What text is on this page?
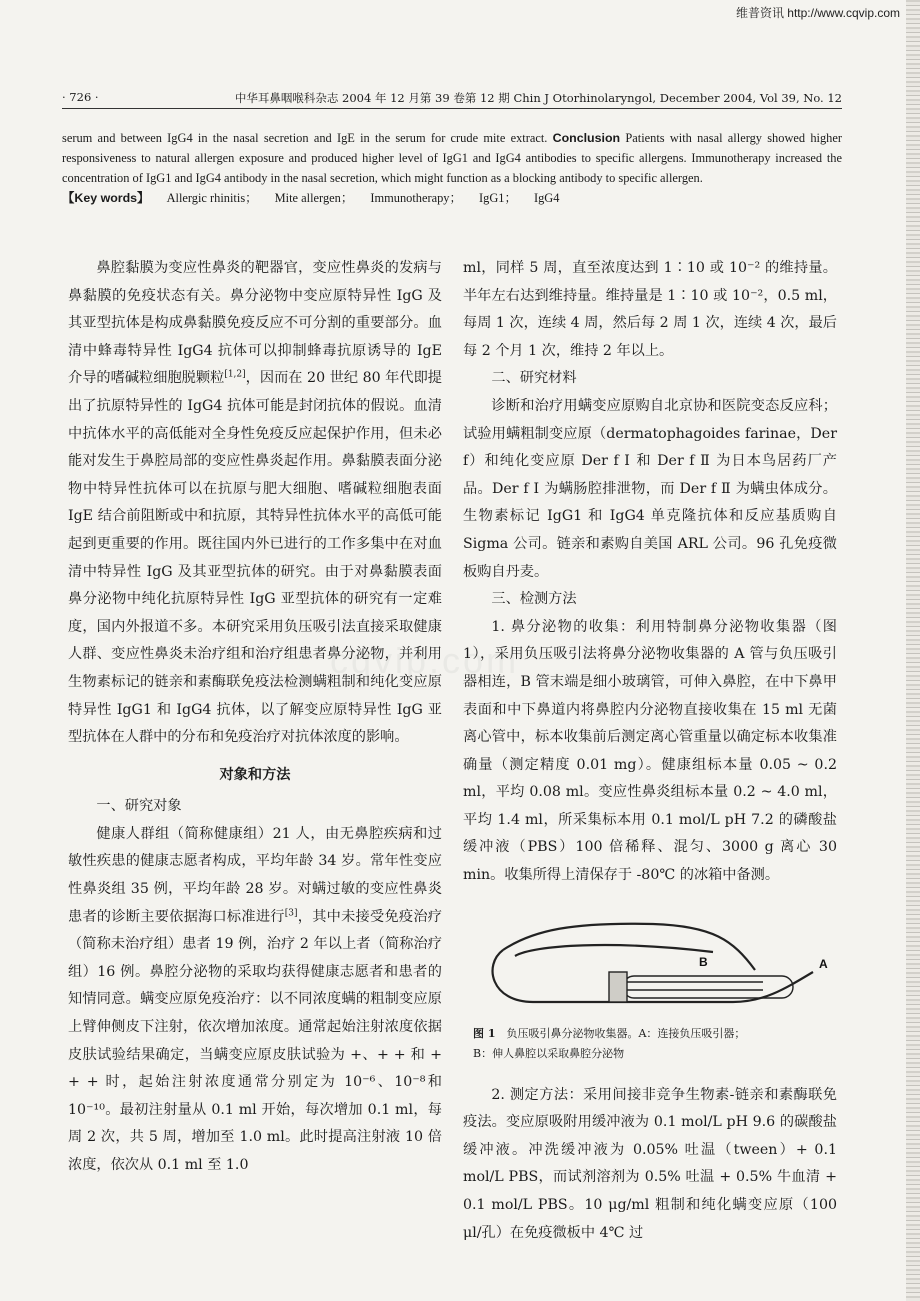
维普资讯 http://www.cqvip.com
· 726 ·	中华耳鼻咽喉科杂志 2004 年 12 月第 39 卷第 12 期 Chin J Otorhinolaryngol, December 2004, Vol 39, No. 12

serum and between IgG4 in the nasal secretion and IgE in the serum for crude mite extract. Conclusion Patients with nasal allergy showed higher responsiveness to natural allergen exposure and produced higher level of IgG1 and IgG4 antibodies to specific allergens. Immunotherapy increased the concentration of IgG1 and IgG4 antibody in the nasal secretion, which might function as a blocking antibody to specific allergen.

【Key words】 Allergic rhinitis； Mite allergen； Immunotherapy； IgG1； IgG4

cqvip.com

鼻腔黏膜为变应性鼻炎的靶器官，变应性鼻炎的发病与鼻黏膜的免疫状态有关。鼻分泌物中变应原特异性 IgG 及其亚型抗体是构成鼻黏膜免疫反应不可分割的重要部分。血清中蜂毒特异性 IgG4 抗体可以抑制蜂毒抗原诱导的 IgE 介导的嗜碱粒细胞脱颗粒[1,2]，因而在 20 世纪 80 年代即提出了抗原特异性的 IgG4 抗体可能是封闭抗体的假说。血清中抗体水平的高低能对全身性免疫反应起保护作用，但未必能对发生于鼻腔局部的变应性鼻炎起作用。鼻黏膜表面分泌物中特异性抗体可以在抗原与肥大细胞、嗜碱粒细胞表面 IgE 结合前阻断或中和抗原，其特异性抗体水平的高低可能起到更重要的作用。既往国内外已进行的工作多集中在对血清中特异性 IgG 及其亚型抗体的研究。由于对鼻黏膜表面鼻分泌物中纯化抗原特异性 IgG 亚型抗体的研究有一定难度，国内外报道不多。本研究采用负压吸引法直接采取健康人群、变应性鼻炎未治疗组和治疗组患者鼻分泌物，并利用生物素标记的链亲和素酶联免疫法检测螨粗制和纯化变应原特异性 IgG1 和 IgG4 抗体，以了解变应原特异性 IgG 亚型抗体在人群中的分布和免疫治疗对抗体浓度的影响。

对象和方法

一、研究对象

健康人群组（简称健康组）21 人，由无鼻腔疾病和过敏性疾患的健康志愿者构成，平均年龄 34 岁。常年性变应性鼻炎组 35 例，平均年龄 28 岁。对螨过敏的变应性鼻炎患者的诊断主要依据海口标准进行[3]，其中未接受免疫治疗（简称未治疗组）患者 19 例，治疗 2 年以上者（简称治疗组）16 例。鼻腔分泌物的采取均获得健康志愿者和患者的知情同意。螨变应原免疫治疗：以不同浓度螨的粗制变应原上臂伸侧皮下注射，依次增加浓度。通常起始注射浓度依据皮肤试验结果确定，当螨变应原皮肤试验为 +、+ + 和 + + + 时，起始注射浓度通常分别定为 10⁻⁶、10⁻⁸和 10⁻¹⁰。最初注射量从 0.1 ml 开始，每次增加 0.1 ml，每周 2 次，共 5 周，增加至 1.0 ml。此时提高注射液 10 倍浓度，依次从 0.1 ml 至 1.0

ml，同样 5 周，直至浓度达到 1∶10 或 10⁻² 的维持量。半年左右达到维持量。维持量是 1∶10 或 10⁻²，0.5 ml，每周 1 次，连续 4 周，然后每 2 周 1 次，连续 4 次，最后每 2 个月 1 次，维持 2 年以上。

二、研究材料

诊断和治疗用螨变应原购自北京协和医院变态反应科；试验用螨粗制变应原（dermatophagoides farinae，Der f）和纯化变应原 Der f Ⅰ 和 Der f Ⅱ 为日本鸟居药厂产品。Der f Ⅰ 为螨肠腔排泄物，而 Der f Ⅱ 为螨虫体成分。生物素标记 IgG1 和 IgG4 单克隆抗体和反应基质购自 Sigma 公司。链亲和素购自美国 ARL 公司。96 孔免疫微板购自丹麦。

三、检测方法

1. 鼻分泌物的收集：利用特制鼻分泌物收集器（图 1），采用负压吸引法将鼻分泌物收集器的 A 管与负压吸引器相连，B 管末端是细小玻璃管，可伸入鼻腔，在中下鼻甲表面和中下鼻道内将鼻腔内分泌物直接收集在 15 ml 无菌离心管中，标本收集前后测定离心管重量以确定标本收集准确量（测定精度 0.01 mg）。健康组标本量 0.05 ~ 0.2 ml，平均 0.08 ml。变应性鼻炎组标本量 0.2 ~ 4.0 ml，平均 1.4 ml，所采集标本用 0.1 mol/L pH 7.2 的磷酸盐缓冲液（PBS）100 倍稀释、混匀、3000 g 离心 30 min。收集所得上清保存于 -80℃ 的冰箱中备测。

B	A

图 1　 负压吸引鼻分泌物收集器。A：连接负压吸引器；
B：伸人鼻腔以采取鼻腔分泌物

2. 测定方法：采用间接非竞争生物素-链亲和素酶联免疫法。变应原吸附用缓冲液为 0.1 mol/L pH 9.6 的碳酸盐缓冲液。冲洗缓冲液为 0.05% 吐温（tween）+ 0.1 mol/L PBS，而试剂溶剂为 0.5% 吐温 + 0.5% 牛血清 + 0.1 mol/L PBS。10 μg/ml 粗制和纯化螨变应原（100 μl/孔）在免疫微板中 4℃ 过
